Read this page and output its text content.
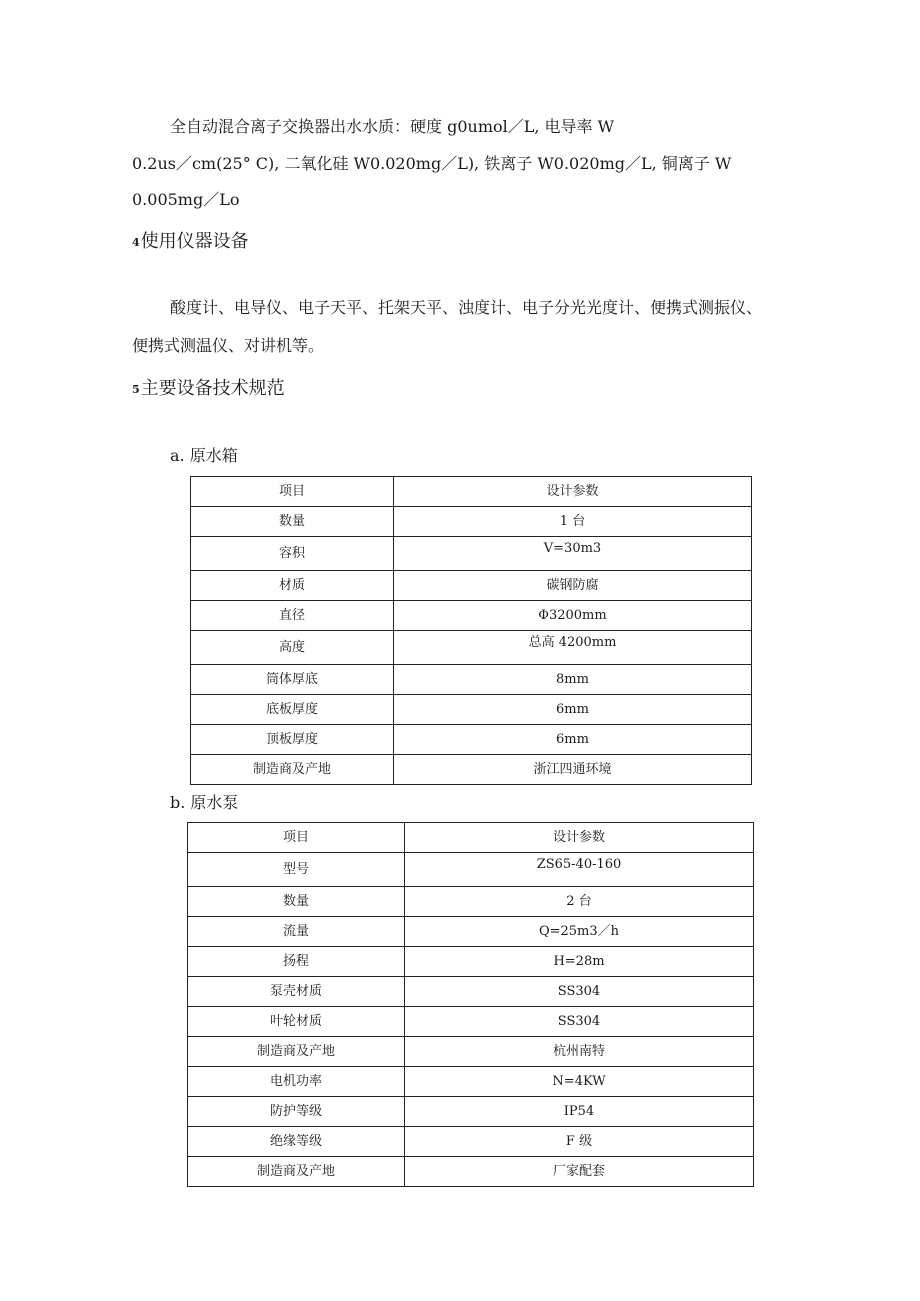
全自动混合离子交换器出水水质：硬度 g0umol／L, 电导率 W
0.2us／cm(25° C), 二氧化硅 W0.020mg／L), 铁离子 W0.020mg／L, 铜离子 W
0.005mg／Lo
4使用仪器设备
酸度计、电导仪、电子天平、托架天平、浊度计、电子分光光度计、便携式测振仪、
便携式测温仪、对讲机等。
5主要设备技术规范
a. 原水箱
项目	设计参数
数量	1 台
容积	V=30m3
材质	碳钢防腐
直径	Φ3200mm
高度	总高 4200mm
筒体厚底	8mm
底板厚度	6mm
顶板厚度	6mm
制造商及产地	浙江四通环境
b. 原水泵
项目	设计参数
型号	ZS65-40-160
数量	2 台
流量	Q=25m3／h
扬程	H=28m
泵壳材质	SS304
叶轮材质	SS304
制造商及产地	杭州南特
电机功率	N=4KW
防护等级	IP54
绝缘等级	F 级
制造商及产地	厂家配套
